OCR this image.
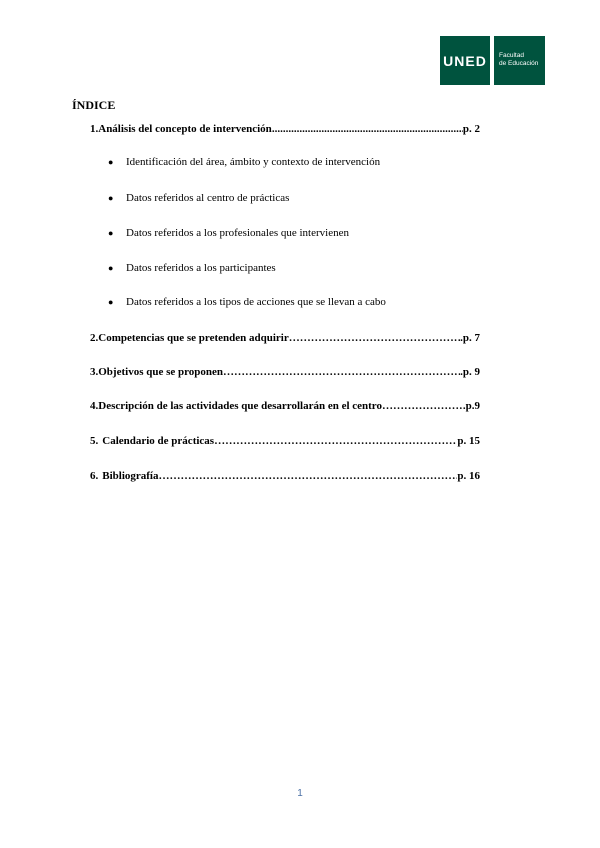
UNED Facultad
de Educación
ÍNDICE
1. Análisis del concepto de intervención .....	p. 2
●	Identificación del área, ámbito y contexto de intervención
●	Datos referidos al centro de prácticas
●	Datos referidos a los profesionales que intervienen
●	Datos referidos a los participantes
●	Datos referidos a los tipos de acciones que se llevan a cabo
2. Competencias que se pretenden adquirir ………………………………………………………………………………………………………………………………………	.p. 7
3. Objetivos que se proponen ………………………………………………………………………………………………………………………………………	.p. 9
4. Descripción de las actividades que desarrollarán en el centro ………………………………………………………………………………………………………………………………………	.p.9
5. Calendario de prácticas ………………………………………………………………………………………………………………………………………	p. 15
6. Bibliografía ………………………………………………………………………………………………………………………………………	p. 16
1
